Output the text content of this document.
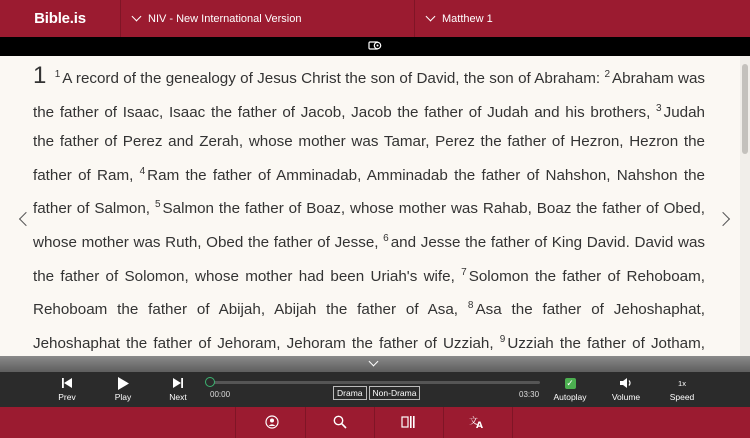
Bible.is	NIV - New International Version	Matthew 1
1 $^1$ A record of the genealogy of Jesus Christ the son of David, the son of Abraham: $^2$ Abraham was the father of Isaac, Isaac the father of Jacob, Jacob the father of Judah and his brothers, $^3$ Judah the father of Perez and Zerah, whose mother was Tamar, Perez the father of Hezron, Hezron the father of Ram, $^4$ Ram the father of Amminadab, Amminadab the father of Nahshon, Nahshon the father of Salmon, $^5$ Salmon the father of Boaz, whose mother was Rahab, Boaz the father of Obed, whose mother was Ruth, Obed the father of Jesse, $^6$ and Jesse the father of King David. David was the father of Solomon, whose mother had been Uriah's wife, $^7$ Solomon the father of Rehoboam, Rehoboam the father of Abijah, Abijah the father of Asa, $^8$ Asa the father of Jehoshaphat, Jehoshaphat the father of Jehoram, Jehoram the father of Uzziah, $^9$ Uzziah the father of Jotham,
Prev	Play	Next	00:00	03:30
Drama	Non-Drama
✓
Autoplay	Volume
1x
Speed
文
A
